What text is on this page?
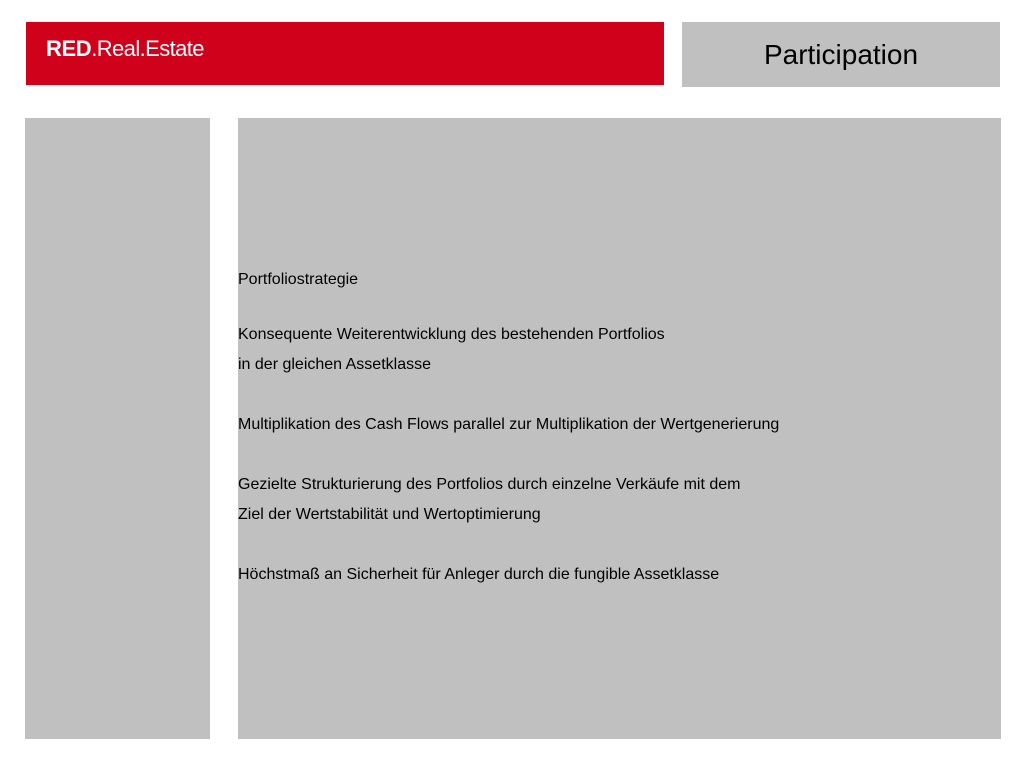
RED.Real.Estate	Participation
Portfoliostrategie
Konsequente Weiterentwicklung des bestehenden Portfolios
in der gleichen Assetklasse
Multiplikation des Cash Flows parallel zur Multiplikation der Wertgenerierung
Gezielte Strukturierung des Portfolios durch einzelne Verkäufe mit dem
Ziel der Wertstabilität und Wertoptimierung
Höchstmaß an Sicherheit für Anleger durch die fungible Assetklasse
